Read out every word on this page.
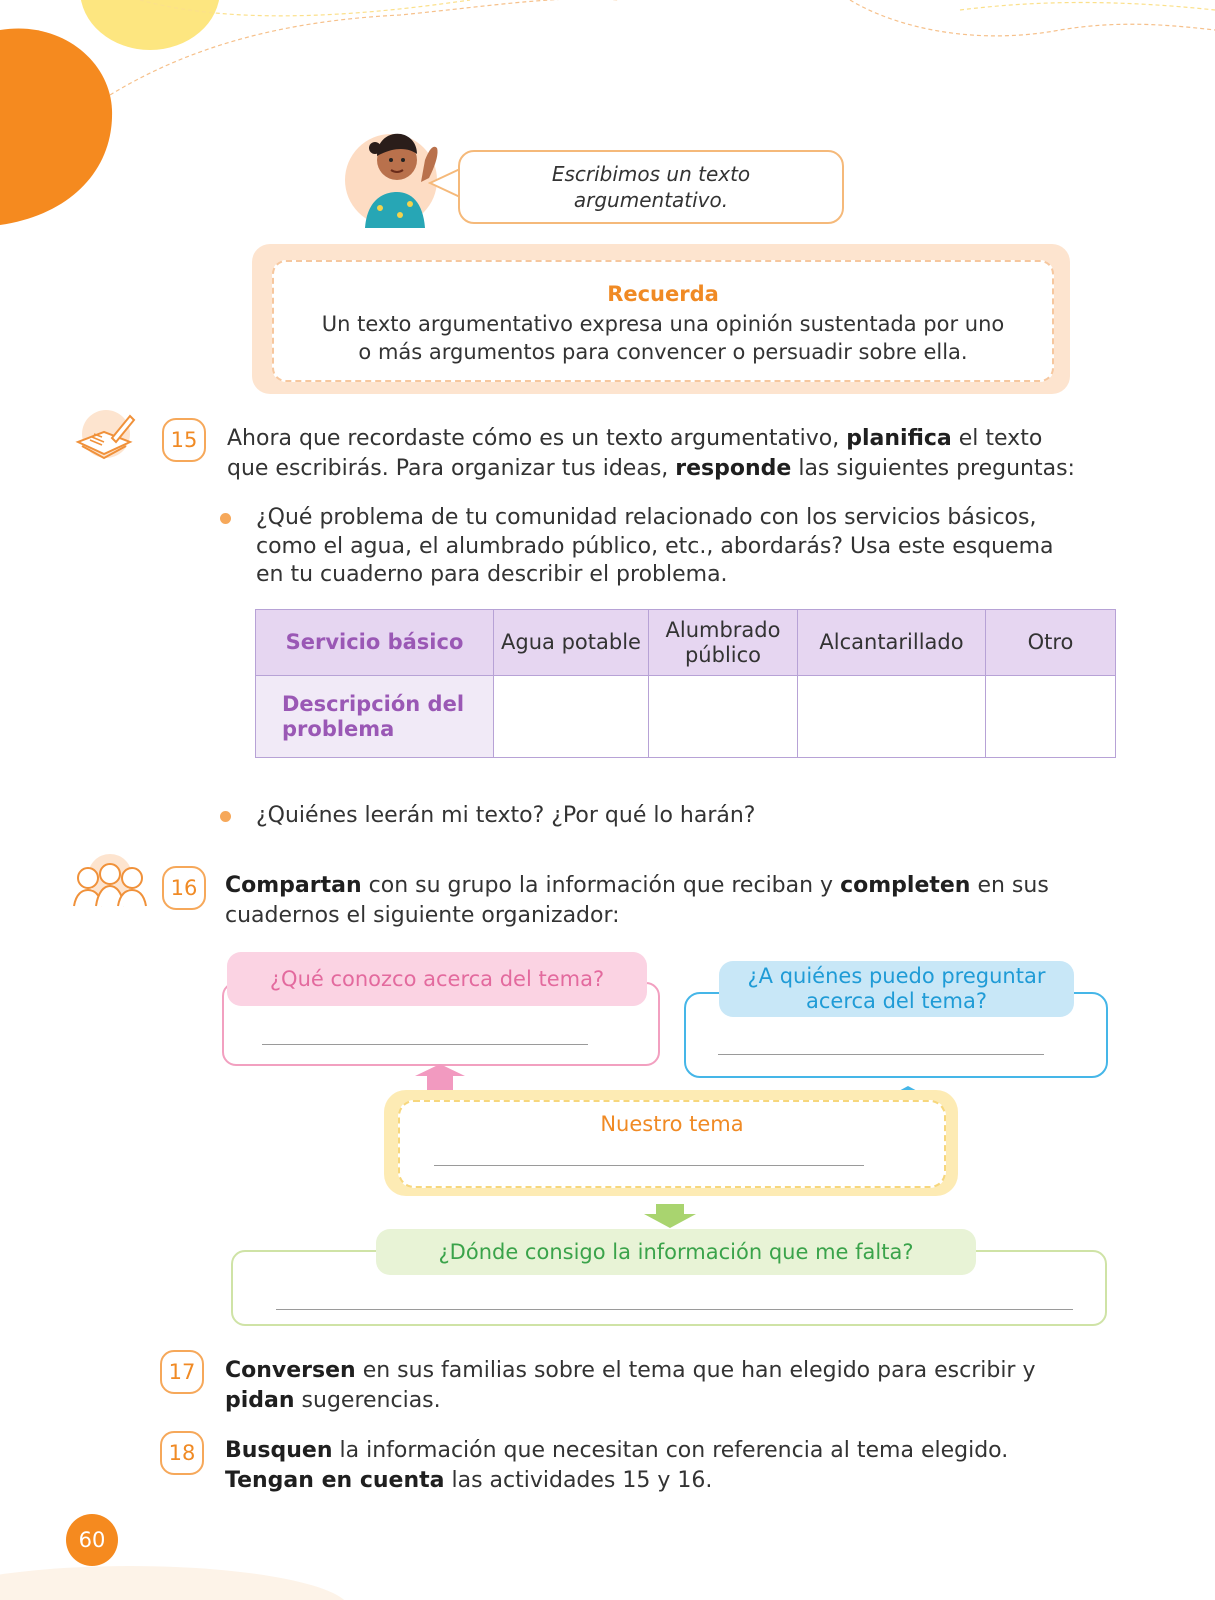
Escribimos un texto argumentativo.
Recuerda
Un texto argumentativo expresa una opinión sustentada por uno o más argumentos para convencer o persuadir sobre ella.
15	Ahora que recordaste cómo es un texto argumentativo, planifica el texto que escribirás. Para organizar tus ideas, responde las siguientes preguntas:
¿Qué problema de tu comunidad relacionado con los servicios básicos, como el agua, el alumbrado público, etc., abordarás? Usa este esquema en tu cuaderno para describir el problema.
Servicio básico	Agua potable	Alumbrado público	Alcantarillado	Otro
Descripción del problema				
¿Quiénes leerán mi texto? ¿Por qué lo harán?
16	Compartan con su grupo la información que reciban y completen en sus cuadernos el siguiente organizador:
¿Qué conozco acerca del tema?	¿A quiénes puedo preguntar acerca del tema?
Nuestro tema
¿Dónde consigo la información que me falta?
17	Conversen en sus familias sobre el tema que han elegido para escribir y pidan sugerencias.
18	Busquen la información que necesitan con referencia al tema elegido. Tengan en cuenta las actividades 15 y 16.
60
